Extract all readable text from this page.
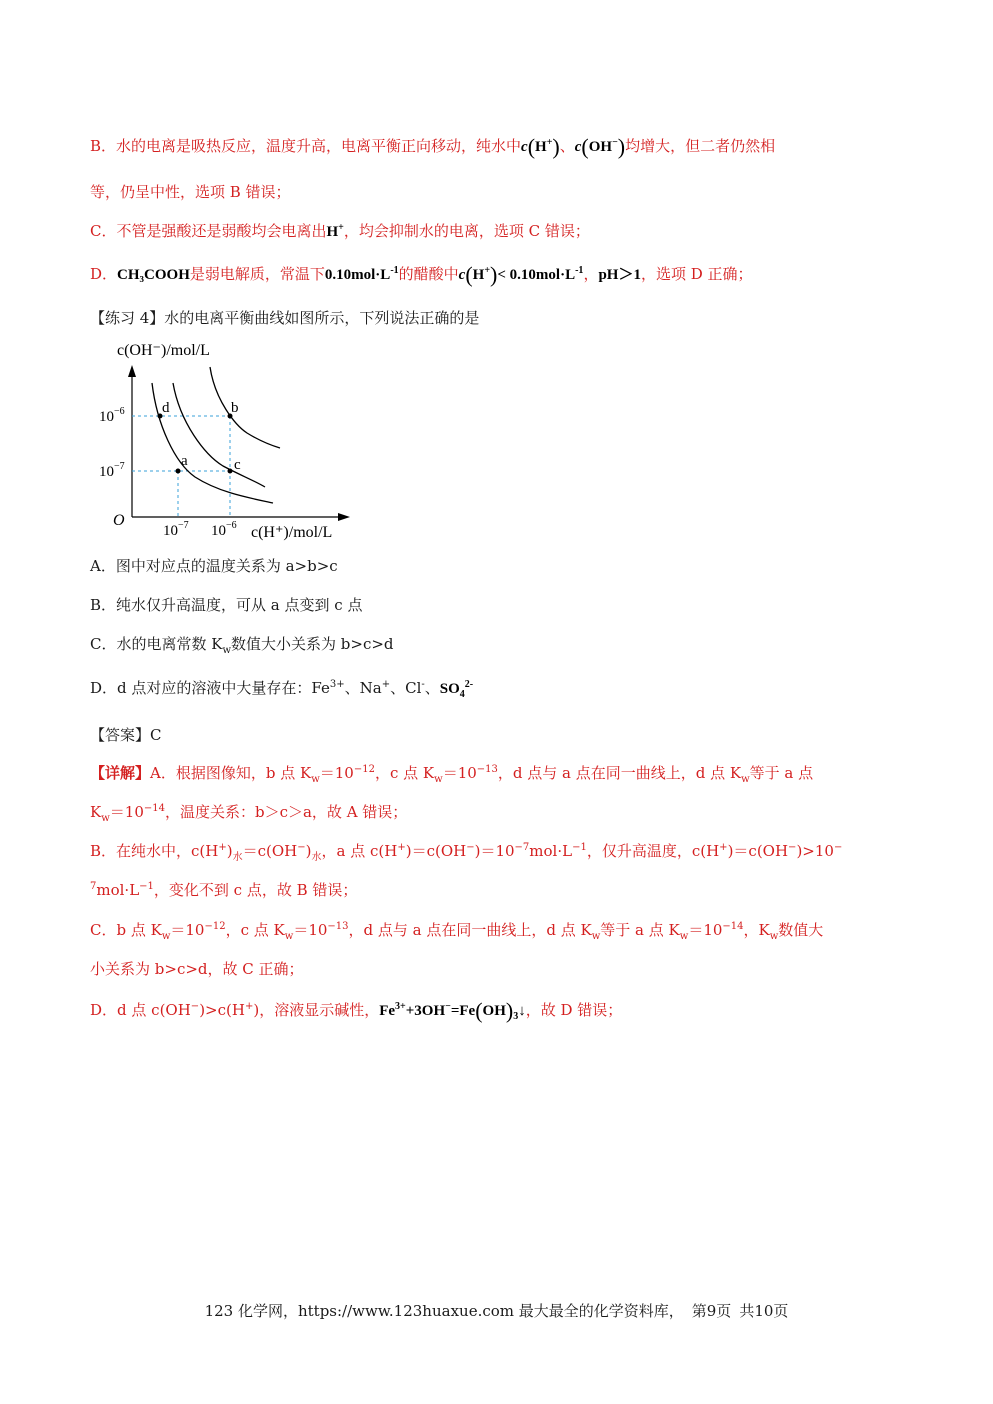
B．水的电离是吸热反应，温度升高，电离平衡正向移动，纯水中c(H+)、c(OH−)均增大，但二者仍然相
等，仍呈中性，选项 B 错误；
C．不管是强酸还是弱酸均会电离出H+，均会抑制水的电离，选项 C 错误；
D．CH₃COOH是弱电解质，常温下$0.10mol\cdot L^{-1}$的醋酸中$c(H^+)< 0.10mol\cdot L^{-1}$，pH＞1，选项 D 正确；
【练习 4】水的电离平衡曲线如图所示，下列说法正确的是
c(OH⁻)/mol/L
c(H⁺)/mol/L
O
$10^{-6}$
$10^{-7}$
$10^{-7}$ $10^{-6}$
d	b
a	c
A．图中对应点的温度关系为 a>b>c
B．纯水仅升高温度，可从 a 点变到 c 点
C．水的电离常数 $K_w$数值大小关系为 b>c>d
D．d 点对应的溶液中大量存在：$Fe^{3+}$、Na+、Cl-、$SO_4^{2-}$
【答案】C
【详解】A．根据图像知，b 点 $K_w=10^{-12}$，c 点 $K_w=10^{-13}$，d 点与 a 点在同一曲线上，d 点 $K_w$等于 a 点
$K_w=10^{-14}$，温度关系：b＞c＞a，故 A 错误；
B．在纯水中，$c(H^+)_水=c(OH^-)_水$，a 点 $c(H^+)=c(OH^-)=10^{-7}mol\cdot L^{-1}$，仅升高温度，c(H+)＝c(OH−)>10−
$^7mol\cdot L^{-1}$，变化不到 c 点，故 B 错误；
C．b 点 $K_w=10^{-12}$，c 点 $K_w=10^{-13}$，d 点与 a 点在同一曲线上，d 点 $K_w$等于 a 点 $K_w=10^{-14}$，$K_w$数值大
小关系为 b>c>d，故 C 正确；
D．d 点 c(OH−)>c(H+)，溶液显示碱性，$Fe^{3+}+3OH^-=Fe(OH)_3↓$，故 D 错误；
123 化学网，https://www.123huaxue.com 最大最全的化学资料库， 第9页 共10页
